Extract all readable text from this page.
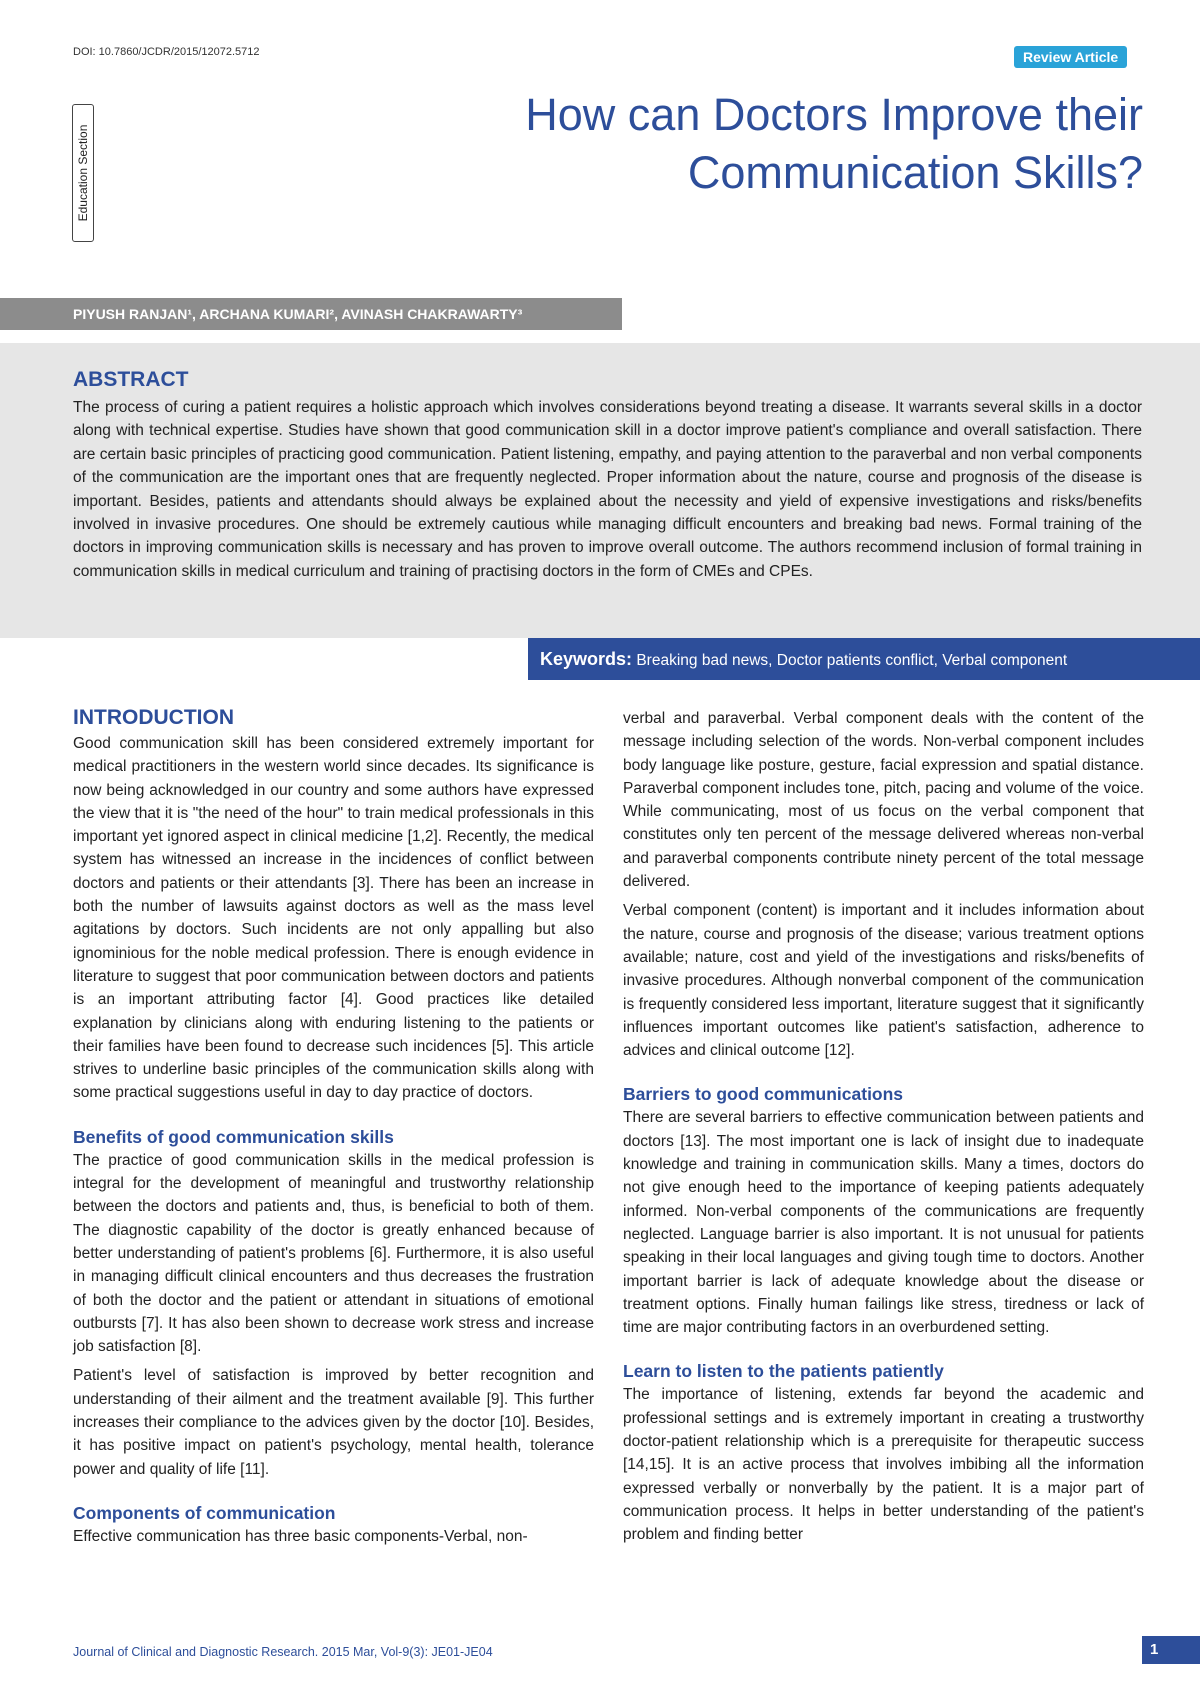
DOI: 10.7860/JCDR/2015/12072.5712	Review Article
Education Section
How can Doctors Improve their
Communication Skills?
PIYUSH RANJAN¹, ARCHANA KUMARI², AVINASH CHAKRAWARTY³
ABSTRACT

The process of curing a patient requires a holistic approach which involves considerations beyond treating a disease. It warrants several skills in a doctor along with technical expertise. Studies have shown that good communication skill in a doctor improve patient's compliance and overall satisfaction. There are certain basic principles of practicing good communication. Patient listening, empathy, and paying attention to the paraverbal and non verbal components of the communication are the important ones that are frequently neglected. Proper information about the nature, course and prognosis of the disease is important. Besides, patients and attendants should always be explained about the necessity and yield of expensive investigations and risks/benefits involved in invasive procedures. One should be extremely cautious while managing difficult encounters and breaking bad news. Formal training of the doctors in improving communication skills is necessary and has proven to improve overall outcome. The authors recommend inclusion of formal training in communication skills in medical curriculum and training of practising doctors in the form of CMEs and CPEs.

Keywords: Breaking bad news, Doctor patients conflict, Verbal component
INTRODUCTION

Good communication skill has been considered extremely important for medical practitioners in the western world since decades. Its significance is now being acknowledged in our country and some authors have expressed the view that it is "the need of the hour" to train medical professionals in this important yet ignored aspect in clinical medicine [1,2]. Recently, the medical system has witnessed an increase in the incidences of conflict between doctors and patients or their attendants [3]. There has been an increase in both the number of lawsuits against doctors as well as the mass level agitations by doctors. Such incidents are not only appalling but also ignominious for the noble medical profession. There is enough evidence in literature to suggest that poor communication between doctors and patients is an important attributing factor [4]. Good practices like detailed explanation by clinicians along with enduring listening to the patients or their families have been found to decrease such incidences [5]. This article strives to underline basic principles of the communication skills along with some practical suggestions useful in day to day practice of doctors.

Benefits of good communication skills

The practice of good communication skills in the medical profession is integral for the development of meaningful and trustworthy relationship between the doctors and patients and, thus, is beneficial to both of them. The diagnostic capability of the doctor is greatly enhanced because of better understanding of patient's problems [6]. Furthermore, it is also useful in managing difficult clinical encounters and thus decreases the frustration of both the doctor and the patient or attendant in situations of emotional outbursts [7]. It has also been shown to decrease work stress and increase job satisfaction [8].

Patient's level of satisfaction is improved by better recognition and understanding of their ailment and the treatment available [9]. This further increases their compliance to the advices given by the doctor [10]. Besides, it has positive impact on patient's psychology, mental health, tolerance power and quality of life [11].

Components of communication

Effective communication has three basic components-Verbal, non-

verbal and paraverbal. Verbal component deals with the content of the message including selection of the words. Non-verbal component includes body language like posture, gesture, facial expression and spatial distance. Paraverbal component includes tone, pitch, pacing and volume of the voice. While communicating, most of us focus on the verbal component that constitutes only ten percent of the message delivered whereas non-verbal and paraverbal components contribute ninety percent of the total message delivered.

Verbal component (content) is important and it includes information about the nature, course and prognosis of the disease; various treatment options available; nature, cost and yield of the investigations and risks/benefits of invasive procedures. Although nonverbal component of the communication is frequently considered less important, literature suggest that it significantly influences important outcomes like patient's satisfaction, adherence to advices and clinical outcome [12].

Barriers to good communications

There are several barriers to effective communication between patients and doctors [13]. The most important one is lack of insight due to inadequate knowledge and training in communication skills. Many a times, doctors do not give enough heed to the importance of keeping patients adequately informed. Non-verbal components of the communications are frequently neglected. Language barrier is also important. It is not unusual for patients speaking in their local languages and giving tough time to doctors. Another important barrier is lack of adequate knowledge about the disease or treatment options. Finally human failings like stress, tiredness or lack of time are major contributing factors in an overburdened setting.

Learn to listen to the patients patiently

The importance of listening, extends far beyond the academic and professional settings and is extremely important in creating a trustworthy doctor-patient relationship which is a prerequisite for therapeutic success [14,15]. It is an active process that involves imbibing all the information expressed verbally or nonverbally by the patient. It is a major part of communication process. It helps in better understanding of the patient's problem and finding better

Journal of Clinical and Diagnostic Research. 2015 Mar, Vol-9(3): JE01-JE04	1
